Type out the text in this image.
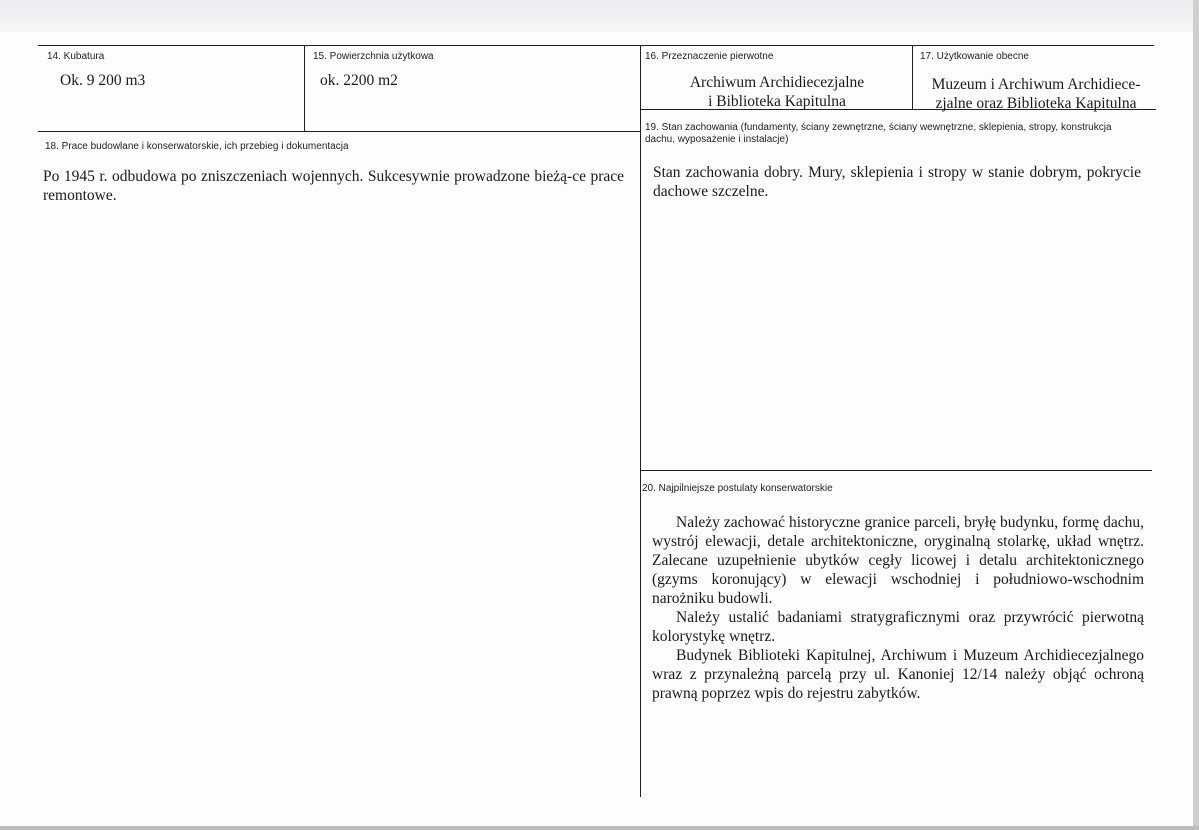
14. Kubatura
Ok. 9 200 m3
15. Powierzchnia użytkowa
ok. 2200 m2
16. Przeznaczenie pierwotne
Archiwum Archidiecezjalne
i Biblioteka Kapitulna
17. Użytkowanie obecne
Muzeum i Archiwum Archidiece-
zjalne oraz Biblioteka Kapitulna
18. Prace budowlane i konserwatorskie, ich przebieg i dokumentacja
Po 1945 r. odbudowa po zniszczeniach wojennych. Sukcesywnie prowadzone bieżą-ce prace remontowe.
19. Stan zachowania (fundamenty, ściany zewnętrzne, ściany wewnętrzne, sklepienia, stropy, konstrukcja dachu, wyposażenie i instalacje)
Stan zachowania dobry. Mury, sklepienia i stropy w stanie dobrym, pokrycie dachowe szczelne.
20. Najpilniejsze postulaty konserwatorskie

Należy zachować historyczne granice parceli, bryłę budynku, formę dachu, wystrój elewacji, detale architektoniczne, oryginalną stolarkę, układ wnętrz. Zalecane uzupełnienie ubytków cegły licowej i detalu architektonicznego (gzyms koronujący) w elewacji wschodniej i południowo-wschodnim narożniku budowli.

Należy ustalić badaniami stratygraficznymi oraz przywrócić pierwotną kolorystykę wnętrz.

Budynek Biblioteki Kapitulnej, Archiwum i Muzeum Archidiecezjalnego wraz z przynależną parcelą przy ul. Kanoniej 12/14 należy objąć ochroną prawną poprzez wpis do rejestru zabytków.
